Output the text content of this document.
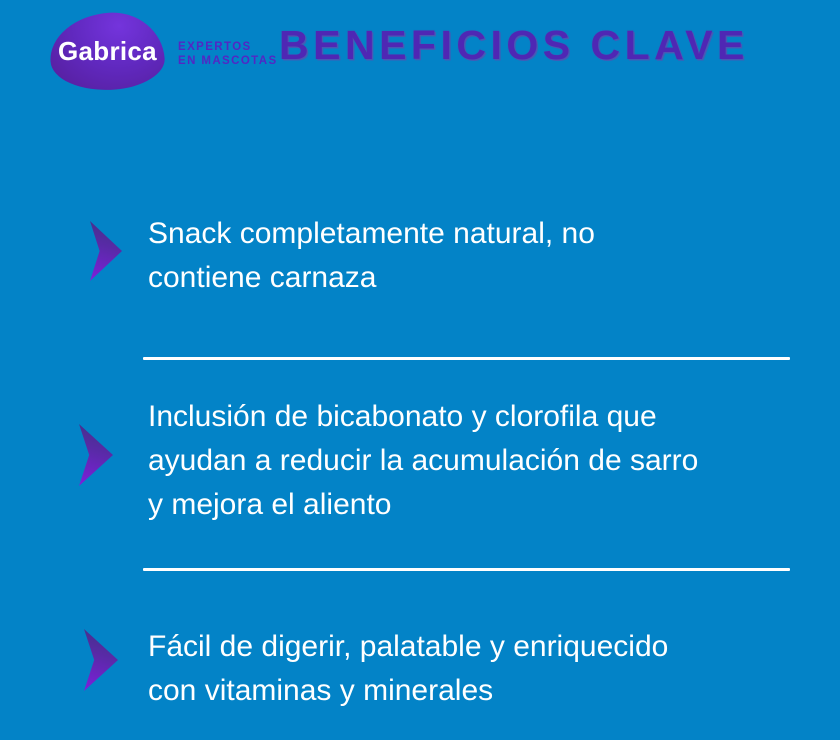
Gabrica EXPERTOS
EN MASCOTAS BENEFICIOS CLAVE
Snack completamente natural, no
contiene carnaza
Inclusión de bicabonato y clorofila que
ayudan a reducir la acumulación de sarro
y mejora el aliento
Fácil de digerir, palatable y enriquecido
con vitaminas y minerales
